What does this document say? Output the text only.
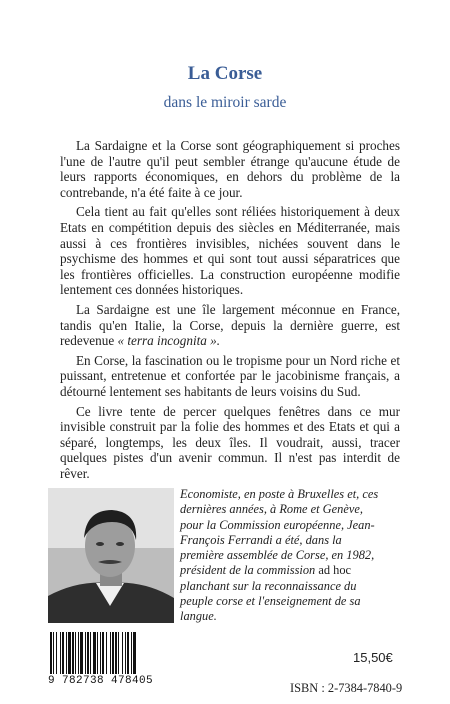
La Corse
dans le miroir sarde

La Sardaigne et la Corse sont géographiquement si proches l'une de l'autre qu'il peut sembler étrange qu'aucune étude de leurs rapports économiques, en dehors du problème de la contrebande, n'a été faite à ce jour.

Cela tient au fait qu'elles sont réliées historiquement à deux Etats en compétition depuis des siècles en Méditerranée, mais aussi à ces frontières invisibles, nichées souvent dans le psychisme des hommes et qui sont tout aussi séparatrices que les frontières officielles. La construction européenne modifie lentement ces données historiques.

La Sardaigne est une île largement méconnue en France, tandis qu'en Italie, la Corse, depuis la dernière guerre, est redevenue « terra incognita ».

En Corse, la fascination ou le tropisme pour un Nord riche et puissant, entretenue et confortée par le jacobinisme français, a détourné lentement ses habitants de leurs voisins du Sud.

Ce livre tente de percer quelques fenêtres dans ce mur invisible construit par la folie des hommes et des Etats et qui a séparé, longtemps, les deux îles. Il voudrait, aussi, tracer quelques pistes d'un avenir commun. Il n'est pas interdit de rêver.

Economiste, en poste à Bruxelles et, ces
dernières années, à Rome et Genève,
pour la Commission européenne, Jean-
François Ferrandi a été, dans la
première assemblée de Corse, en 1982,
président de la commission ad hoc
planchant sur la reconnaissance du
peuple corse et l'enseignement de sa
langue.
9 782738 478405
15,50€
ISBN : 2-7384-7840-9
